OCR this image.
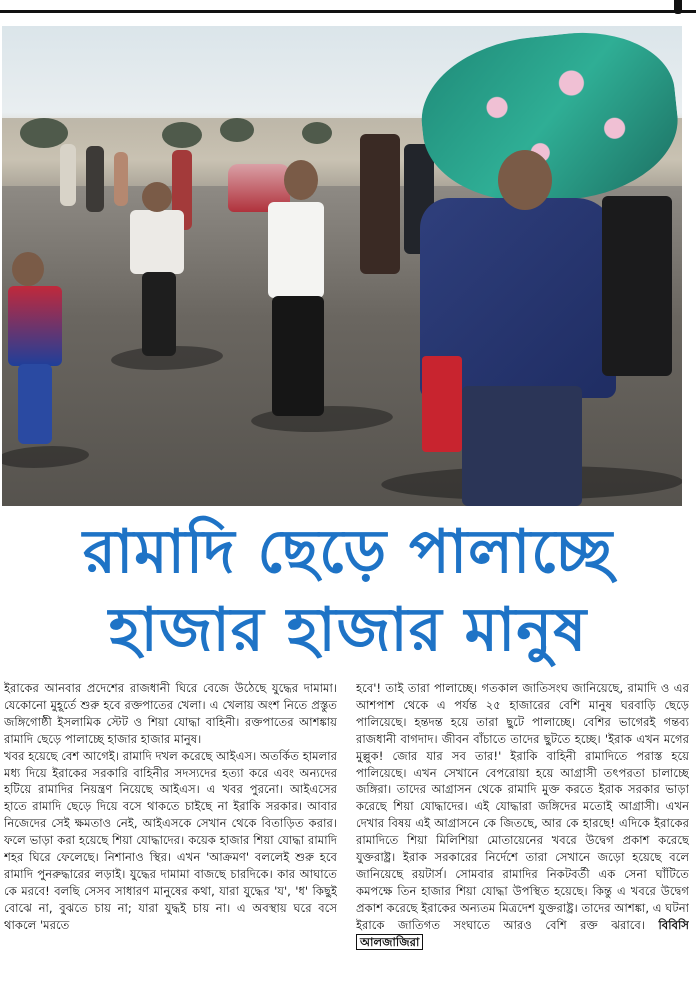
রামাদি ছেড়ে পালাচ্ছে
হাজার হাজার মানুষ

ইরাকের আনবার প্রদেশের রাজধানী ঘিরে বেজে উঠেছে যুদ্ধের দামামা। যেকোনো মুহূর্তে শুরু হবে রক্তপাতের খেলা। এ খেলায় অংশ নিতে প্রস্তুত জঙ্গিগোষ্ঠী ইসলামিক স্টেট ও শিয়া যোদ্ধা বাহিনী। রক্তপাতের আশঙ্কায় রামাদি ছেড়ে পালাচ্ছে হাজার হাজার মানুষ।

খবর হয়েছে বেশ আগেই। রামাদি দখল করেছে আইএস। অতর্কিত হামলার মধ্য দিয়ে ইরাকের সরকারি বাহিনীর সদস্যদের হত্যা করে এবং অন্যদের হটিয়ে রামাদির নিয়ন্ত্রণ নিয়েছে আইএস। এ খবর পুরনো। আইএসের হাতে রামাদি ছেড়ে দিয়ে বসে থাকতে চাইছে না ইরাকি সরকার। আবার নিজেদের সেই ক্ষমতাও নেই, আইএসকে সেখান থেকে বিতাড়িত করার। ফলে ভাড়া করা হয়েছে শিয়া যোদ্ধাদের। কয়েক হাজার শিয়া যোদ্ধা রামাদি শহর ঘিরে ফেলেছে। নিশানাও স্থির। এখন 'আক্রমণ' বললেই শুরু হবে রামাদি পুনরুদ্ধারের লড়াই। যুদ্ধের দামামা বাজছে চারদিকে। কার আঘাতে কে মরবে! বলছি সেসব সাধারণ মানুষের কথা, যারা যুদ্ধের 'য', 'ধ' কিছুই বোঝে না, বুঝতে চায় না; যারা যুদ্ধই চায় না। এ অবস্থায় ঘরে বসে থাকলে 'মরতে

হবে'! তাই তারা পালাচ্ছে। গতকাল জাতিসংঘ জানিয়েছে, রামাদি ও এর আশপাশ থেকে এ পর্যন্ত ২৫ হাজারের বেশি মানুষ ঘরবাড়ি ছেড়ে পালিয়েছে। হন্তদন্ত হয়ে তারা ছুটে পালাচ্ছে। বেশির ভাগেরই গন্তব্য রাজধানী বাগদাদ। জীবন বাঁচাতে তাদের ছুটতে হচ্ছে। 'ইরাক এখন মগের মুল্লুক! জোর যার সব তার!' ইরাকি বাহিনী রামাদিতে পরাস্ত হয়ে পালিয়েছে। এখন সেখানে বেপরোয়া হয়ে আগ্রাসী তৎপরতা চালাচ্ছে জঙ্গিরা। তাদের আগ্রাসন থেকে রামাদি মুক্ত করতে ইরাক সরকার ভাড়া করেছে শিয়া যোদ্ধাদের। এই যোদ্ধারা জঙ্গিদের মতোই আগ্রাসী। এখন দেখার বিষয় এই আগ্রাসনে কে জিতছে, আর কে হারছে! এদিকে ইরাকের রামাদিতে শিয়া মিলিশিয়া মোতায়েনের খবরে উদ্বেগ প্রকাশ করেছে যুক্তরাষ্ট্র। ইরাক সরকারের নির্দেশে তারা সেখানে জড়ো হয়েছে বলে জানিয়েছে রয়টার্স। সোমবার রামাদির নিকটবর্তী এক সেনা ঘাঁটিতে কমপক্ষে তিন হাজার শিয়া যোদ্ধা উপস্থিত হয়েছে। কিন্তু এ খবরে উদ্বেগ প্রকাশ করেছে ইরাকের অন্যতম মিত্রদেশ যুক্তরাষ্ট্র। তাদের আশঙ্কা, এ ঘটনা ইরাকে জাতিগত সংঘাতে আরও বেশি রক্ত ঝরাবে। বিবিসি আলজাজিরা
